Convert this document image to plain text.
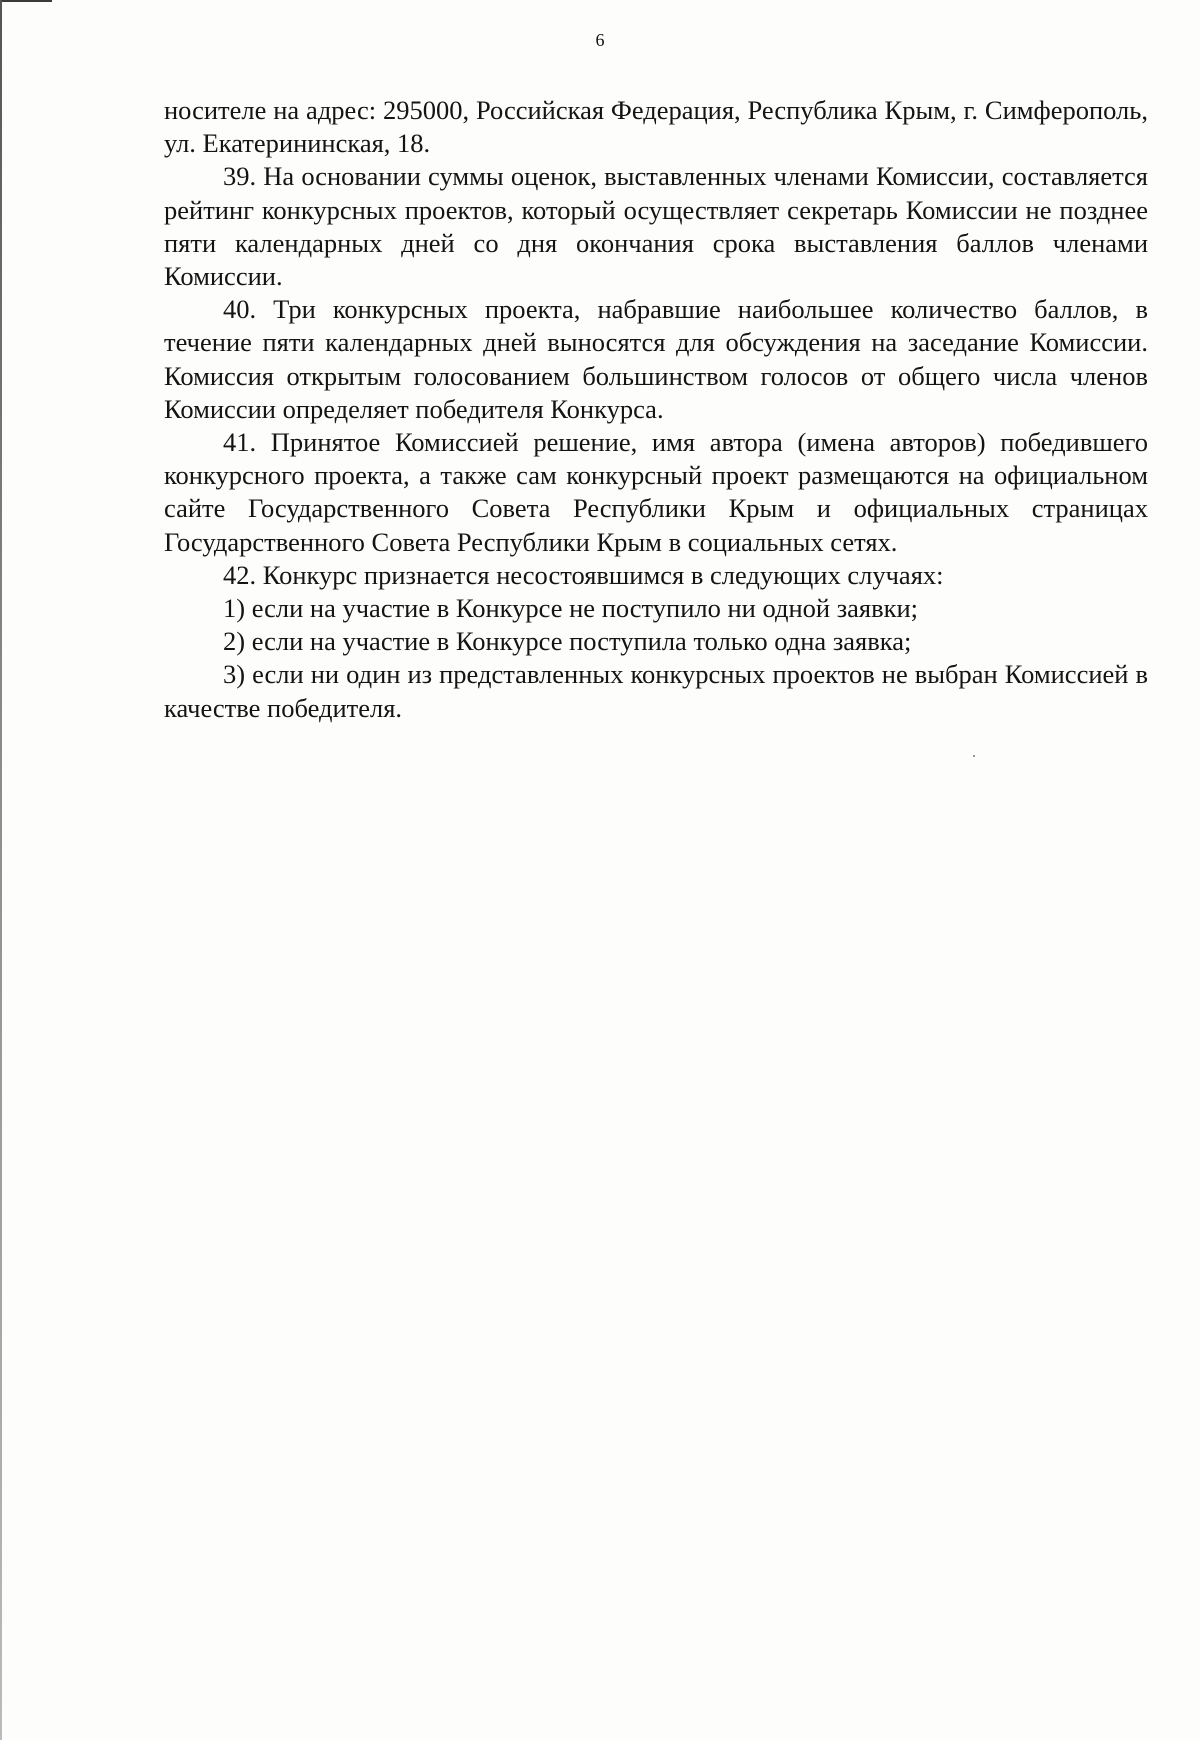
6

носителе на адрес: 295000, Российская Федерация, Республика Крым, г. Симферополь, ул. Екатерининская, 18.

39. На основании суммы оценок, выставленных членами Комиссии, составляется рейтинг конкурсных проектов, который осуществляет секретарь Комиссии не позднее пяти календарных дней со дня окончания срока выставления баллов членами Комиссии.

40. Три конкурсных проекта, набравшие наибольшее количество баллов, в течение пяти календарных дней выносятся для обсуждения на заседание Комиссии. Комиссия открытым голосованием большинством голосов от общего числа членов Комиссии определяет победителя Конкурса.

41. Принятое Комиссией решение, имя автора (имена авторов) победившего конкурсного проекта, а также сам конкурсный проект размещаются на официальном сайте Государственного Совета Республики Крым и официальных страницах Государственного Совета Республики Крым в социальных сетях.

42. Конкурс признается несостоявшимся в следующих случаях:

1) если на участие в Конкурсе не поступило ни одной заявки;

2) если на участие в Конкурсе поступила только одна заявка;

3) если ни один из представленных конкурсных проектов не выбран Комиссией в качестве победителя.
